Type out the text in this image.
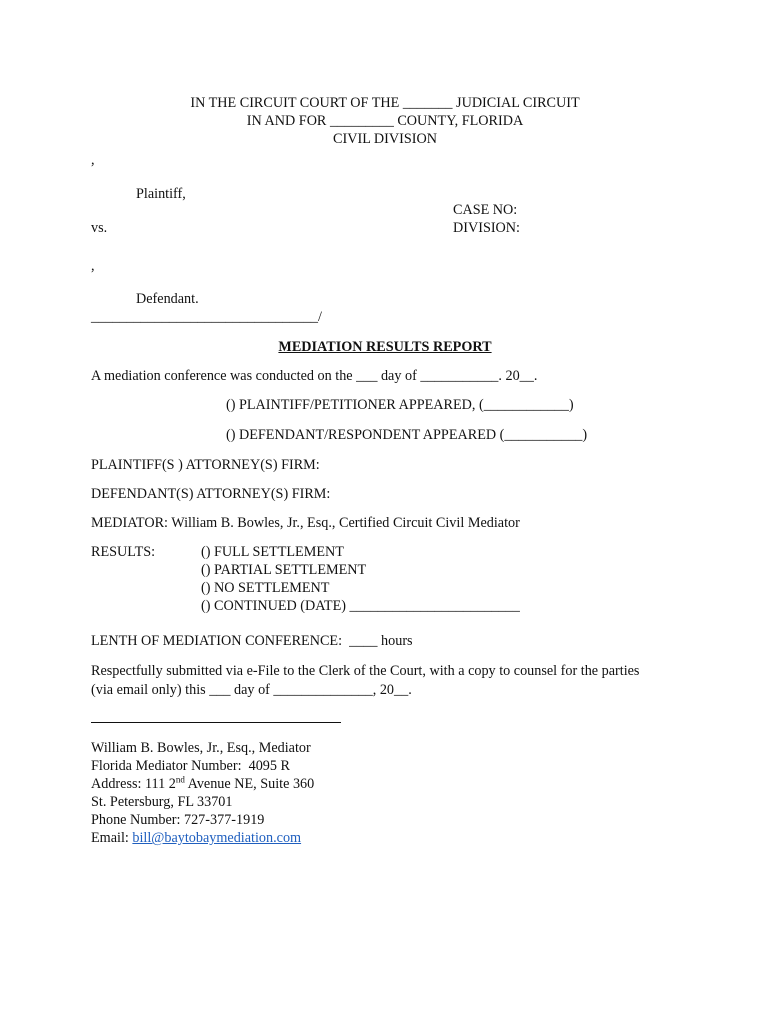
IN THE CIRCUIT COURT OF THE _______ JUDICIAL CIRCUIT
IN AND FOR _________ COUNTY, FLORIDA
CIVIL DIVISION
,
Plaintiff,
CASE NO:
vs.	DIVISION:
,
Defendant.
________________________________/
MEDIATION RESULTS REPORT
A mediation conference was conducted on the ___ day of ___________. 20__.
() PLAINTIFF/PETITIONER APPEARED, (____________)
() DEFENDANT/RESPONDENT APPEARED (___________)
PLAINTIFF(S ) ATTORNEY(S) FIRM:
DEFENDANT(S) ATTORNEY(S) FIRM:
MEDIATOR: William B. Bowles, Jr., Esq., Certified Circuit Civil Mediator
RESULTS:	() FULL SETTLEMENT
() PARTIAL SETTLEMENT
() NO SETTLEMENT
() CONTINUED (DATE) ________________________
LENTH OF MEDIATION CONFERENCE:  ____ hours
Respectfully submitted via e-File to the Clerk of the Court, with a copy to counsel for the parties
(via email only) this ___ day of ______________, 20__.
William B. Bowles, Jr., Esq., Mediator
Florida Mediator Number:  4095 R
Address: 111 2nd Avenue NE, Suite 360
St. Petersburg, FL 33701
Phone Number: 727-377-1919
Email: bill@baytobaymediation.com
